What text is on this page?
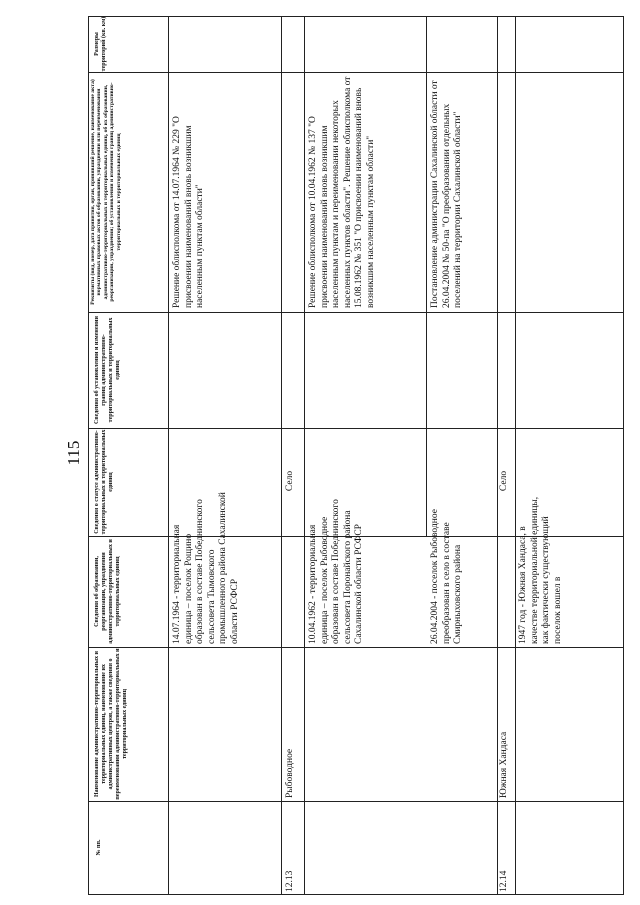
115
№ пп.
Наименование административно-территориальных и территориальных единиц, наименование их административных центров, а также сведения о переименовании административно-территориальных и территориальных единиц
Сведения об образовании, реорганизации, упразднении административно-территориальных и территориальных единиц
Сведения о статусе административно-территориальных и территориальных единиц
Сведения об установлении и изменении границ административно-территориальных и территориальных единиц
Реквизиты (вид, номер, дата принятия, орган, принявший решение, наименование акта) нормативных правовых актов об образовании, упразднении или переименовании административно-территориальных и территориальных единиц, об их образовании, реорганизации, упразднении; об установлении и изменении границ административно-территориальных и территориальных единиц
Размеры территорий (кв. км)
14.07.1964 - территориальная единица – поселок Рощино образован в составе Победнинского сельсовета Тымовского промышленного района Сахалинской области РСФСР
Решение облисполкома от 14.07.1964 № 229 "О присвоении наименований вновь возникшим населенным пунктам области"
12.13
Рыбоводное
Село
10.04.1962 - территориальная единица – поселок Рыбоводное образован в составе Победнинского сельсовета Поронайского района Сахалинской области РСФСР
Решение облисполкома от 10.04.1962 № 137 "О присвоении наименований вновь возникшим населенным пунктам и переименовании некоторых населенных пунктов области". Решение облисполкома от 15.08.1962 № 351 "О присвоении наименований вновь возникшим населенным пунктам области"
26.04.2004 - поселок Рыбоводное преобразован в село в составе Смирныховского района
Постановление администрации Сахалинской области от 26.04.2004 № 50-па "О преобразовании отдельных поселений на территории Сахалинской области"
12.14
Южная Хандаса
Село
1947 год - Южная Хандаса, в качестве территориальной единицы, как фактически существующий поселок вошел в
